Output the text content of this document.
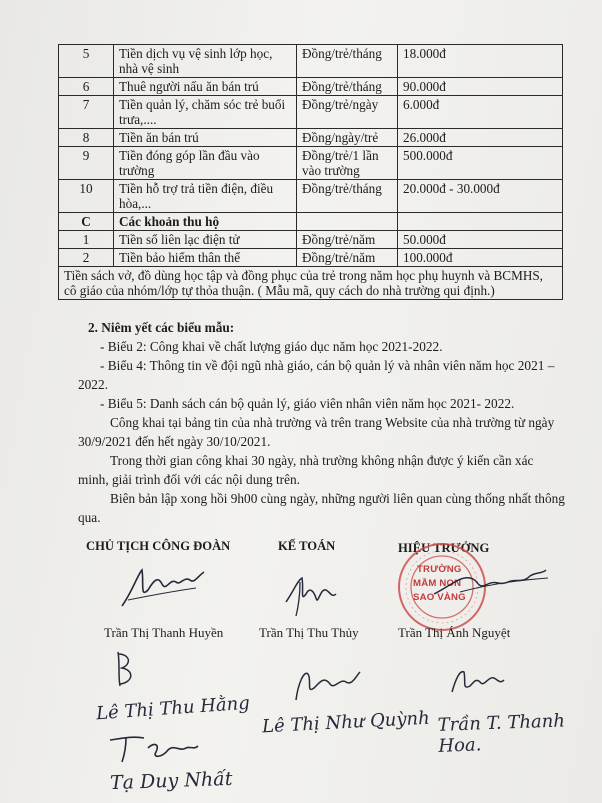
5	Tiền dịch vụ vệ sinh lớp học, nhà vệ sinh	Đồng/trẻ/tháng	18.000đ
6	Thuê người nấu ăn bán trú	Đồng/trẻ/tháng	90.000đ
7	Tiền quản lý, chăm sóc trẻ buổi trưa,....	Đồng/trẻ/ngày	6.000đ
8	Tiền ăn bán trú	Đồng/ngày/trẻ	26.000đ
9	Tiền đóng góp lần đầu vào trường	Đồng/trẻ/1 lần vào trường	500.000đ
10	Tiền hỗ trợ trả tiền điện, điều hòa,...	Đồng/trẻ/tháng	20.000đ - 30.000đ
C	Các khoản thu hộ		
1	Tiền sổ liên lạc điện tử	Đồng/trẻ/năm	50.000đ
2	Tiền bảo hiểm thân thể	Đồng/trẻ/năm	100.000đ
Tiền sách vở, đồ dùng học tập và đồng phục của trẻ trong năm học phụ huynh và BCMHS, cô giáo của nhóm/lớp tự thỏa thuận. ( Mẫu mã, quy cách do nhà trường qui định.)			

2. Niêm yết các biểu mẫu:

- Biểu 2: Công khai về chất lượng giáo dục năm học 2021-2022.

- Biểu 4: Thông tin về đội ngũ nhà giáo, cán bộ quản lý và nhân viên năm học 2021 – 2022.

- Biểu 5: Danh sách cán bộ quản lý, giáo viên nhân viên năm học 2021- 2022.

Công khai tại bảng tin của nhà trường và trên trang Website của nhà trường từ ngày 30/9/2021 đến hết ngày 30/10/2021.

Trong thời gian công khai 30 ngày, nhà trường không nhận được ý kiến cần xác minh, giải trình đối với các nội dung trên.

Biên bản lập xong hồi 9h00 cùng ngày, những người liên quan cùng thống nhất thông qua.

CHỦ TỊCH CÔNG ĐOÀN	KẾ TOÁN	HIỆU TRƯỞNG
TRƯỜNG
MẦM NON
SAO VÀNG
Trần Thị Thanh Huyền	Trần Thị Thu Thủy	Trần Thị Ánh Nguyệt
Lê Thị Thu Hằng Lê Thị Như Quỳnh Trần T. Thanh Hoa.
Tạ Duy Nhất
